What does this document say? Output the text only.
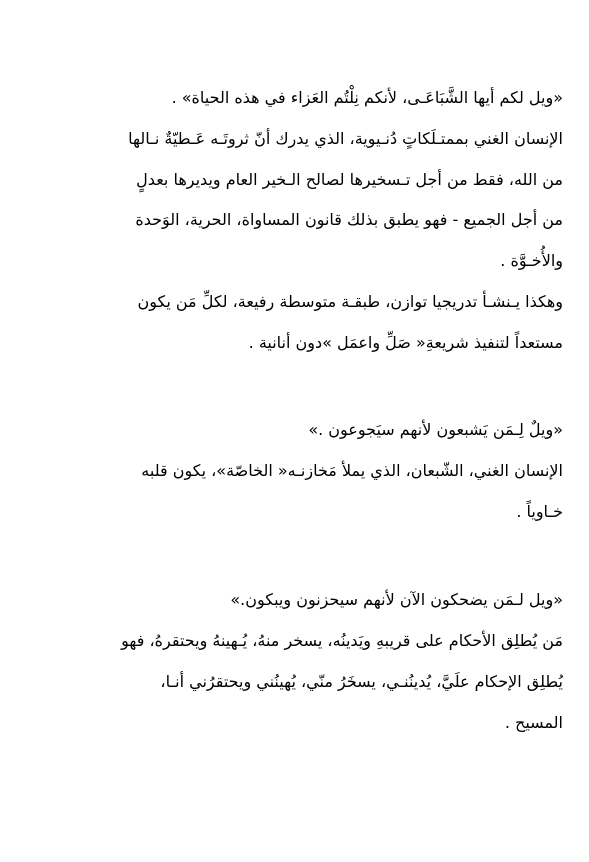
«ويل لكم أيها الشَّبَاعَـى، لأنكم نِلْتُم العَزاء في هذه الحياة» .
الإنسان الغني بممتـلَكاتٍ دُنـيوية، الذي يدرك أنّ ثروتَـه عَـطيّةٌ نـالها
من الله، فقط من أجل تـسخيرها لصالح الـخير العام ويديرها بعدلٍ
من أجل الجميع - فهو يطبق بذلك قانون المساواة، الحرية، الوَحدة
والأُخـوَّة .
وهكذا يـنشـأ تدريجيا توازن، طبقـة متوسطة رفيعة، لكلِّ مَن يكون
مستعداً لتنفيذ شريعةِ« صَلِّ واعمَل »دون أنانية .
«ويلٌ لِـمَن يَشبعون لأنهم سيَجوعون .»
الإنسان الغني، الشّبعان، الذي يملأ مَخازنـه« الخاصّة»، يكون قلبه
خـاوياً .
«ويل لـمَن يضحكون الآن لأنهم سيحزنون ويبكون.»
مَن يُطلِق الأحكام على قريبهِ ويَدينُه، يسخر منهُ، يُـهينهُ ويحتقرهُ، فهو
يُطلِق الإحكام علَيَّ، يُدينُنـي، يسخَرُ منّي، يُهينُني ويحتقرُني أنـا،
المسيح .
